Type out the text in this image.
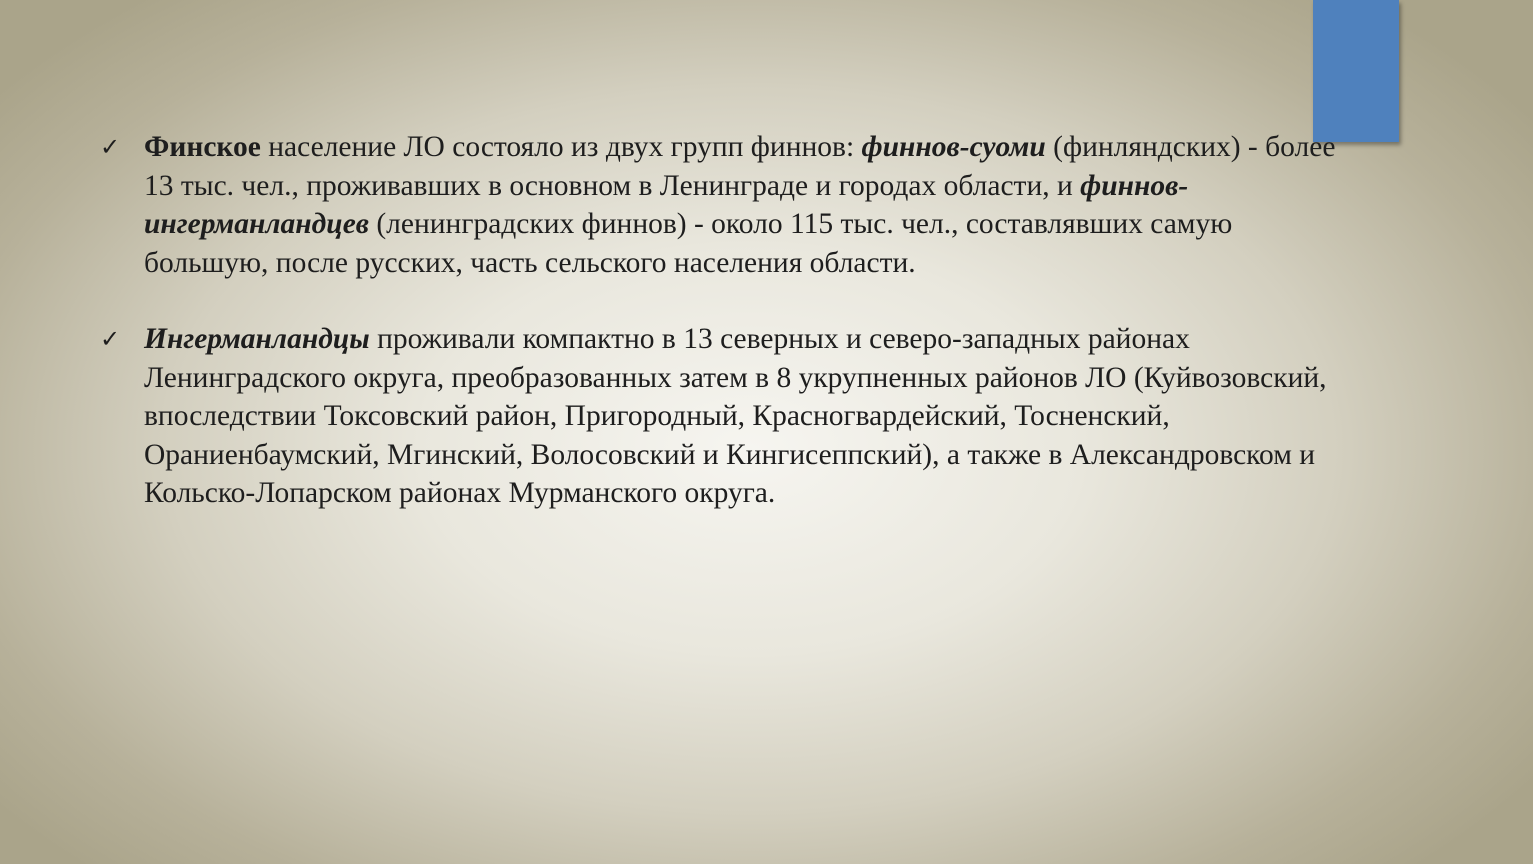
✓ Финское население ЛО состояло из двух групп финнов: финнов-суоми (финляндских) - более 13 тыс. чел., проживавших в основном в Ленинграде и городах области, и финнов-ингерманландцев (ленинградских финнов) - около 115 тыс. чел., составлявших самую большую, после русских, часть сельского населения области.
✓ Ингерманландцы проживали компактно в 13 северных и северо-западных районах Ленинградского округа, преобразованных затем в 8 укрупненных районов ЛО (Куйвозовский, впоследствии Токсовский район, Пригородный, Красногвардейский, Тосненский, Ораниенбаумский, Мгинский, Волосовский и Кингисеппский), а также в Александровском и Кольско-Лопарском районах Мурманского округа.
